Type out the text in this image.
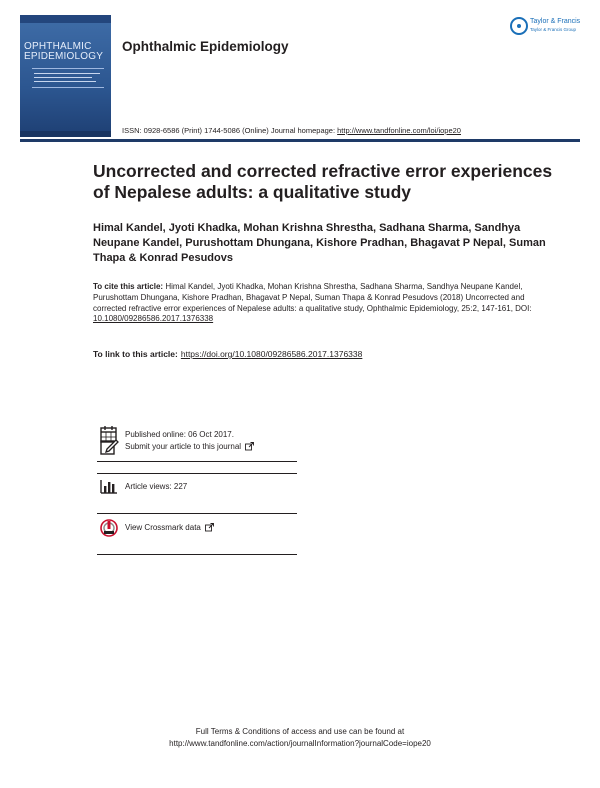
OPHTHALMIC
EPIDEMIOLOGY
Ophthalmic Epidemiology
Taylor & Francis
Taylor & Francis Group
ISSN: 0928-6586 (Print) 1744-5086 (Online) Journal homepage: http://www.tandfonline.com/loi/iope20
Uncorrected and corrected refractive error experiences of Nepalese adults: a qualitative study
Himal Kandel, Jyoti Khadka, Mohan Krishna Shrestha, Sadhana Sharma, Sandhya Neupane Kandel, Purushottam Dhungana, Kishore Pradhan, Bhagavat P Nepal, Suman Thapa & Konrad Pesudovs
To cite this article: Himal Kandel, Jyoti Khadka, Mohan Krishna Shrestha, Sadhana Sharma, Sandhya Neupane Kandel, Purushottam Dhungana, Kishore Pradhan, Bhagavat P Nepal, Suman Thapa & Konrad Pesudovs (2018) Uncorrected and corrected refractive error experiences of Nepalese adults: a qualitative study, Ophthalmic Epidemiology, 25:2, 147-161, DOI: 10.1080/09286586.2017.1376338
To link to this article: https://doi.org/10.1080/09286586.2017.1376338
Published online: 06 Oct 2017.
Submit your article to this journal
Article views: 227
View Crossmark data
Full Terms & Conditions of access and use can be found at
http://www.tandfonline.com/action/journalInformation?journalCode=iope20
